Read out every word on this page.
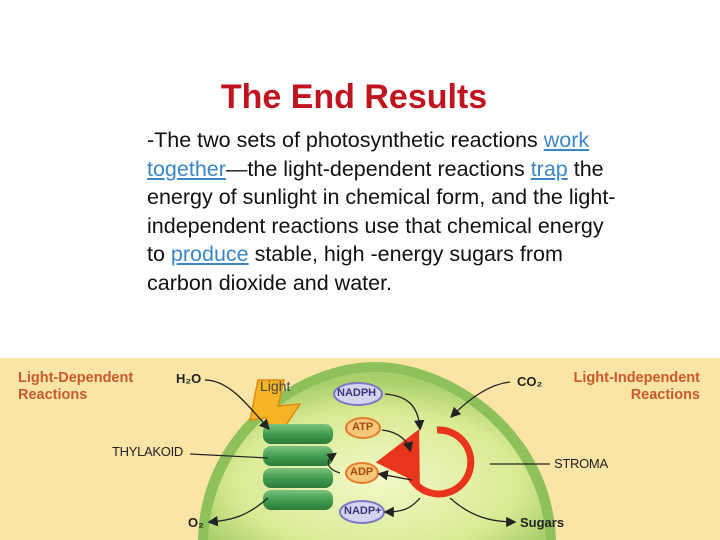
The End Results
-The two sets of photosynthetic reactions work together—the light-dependent reactions trap the energy of sunlight in chemical form, and the light-independent reactions use that chemical energy to produce stable, high -energy sugars from carbon dioxide and water.
Light-Dependent
Reactions
Light-Independent
Reactions
H₂O	Light	CO₂
NADPH
ATP
ADP
NADP+
THYLAKOID
STROMA
O₂	Sugars
